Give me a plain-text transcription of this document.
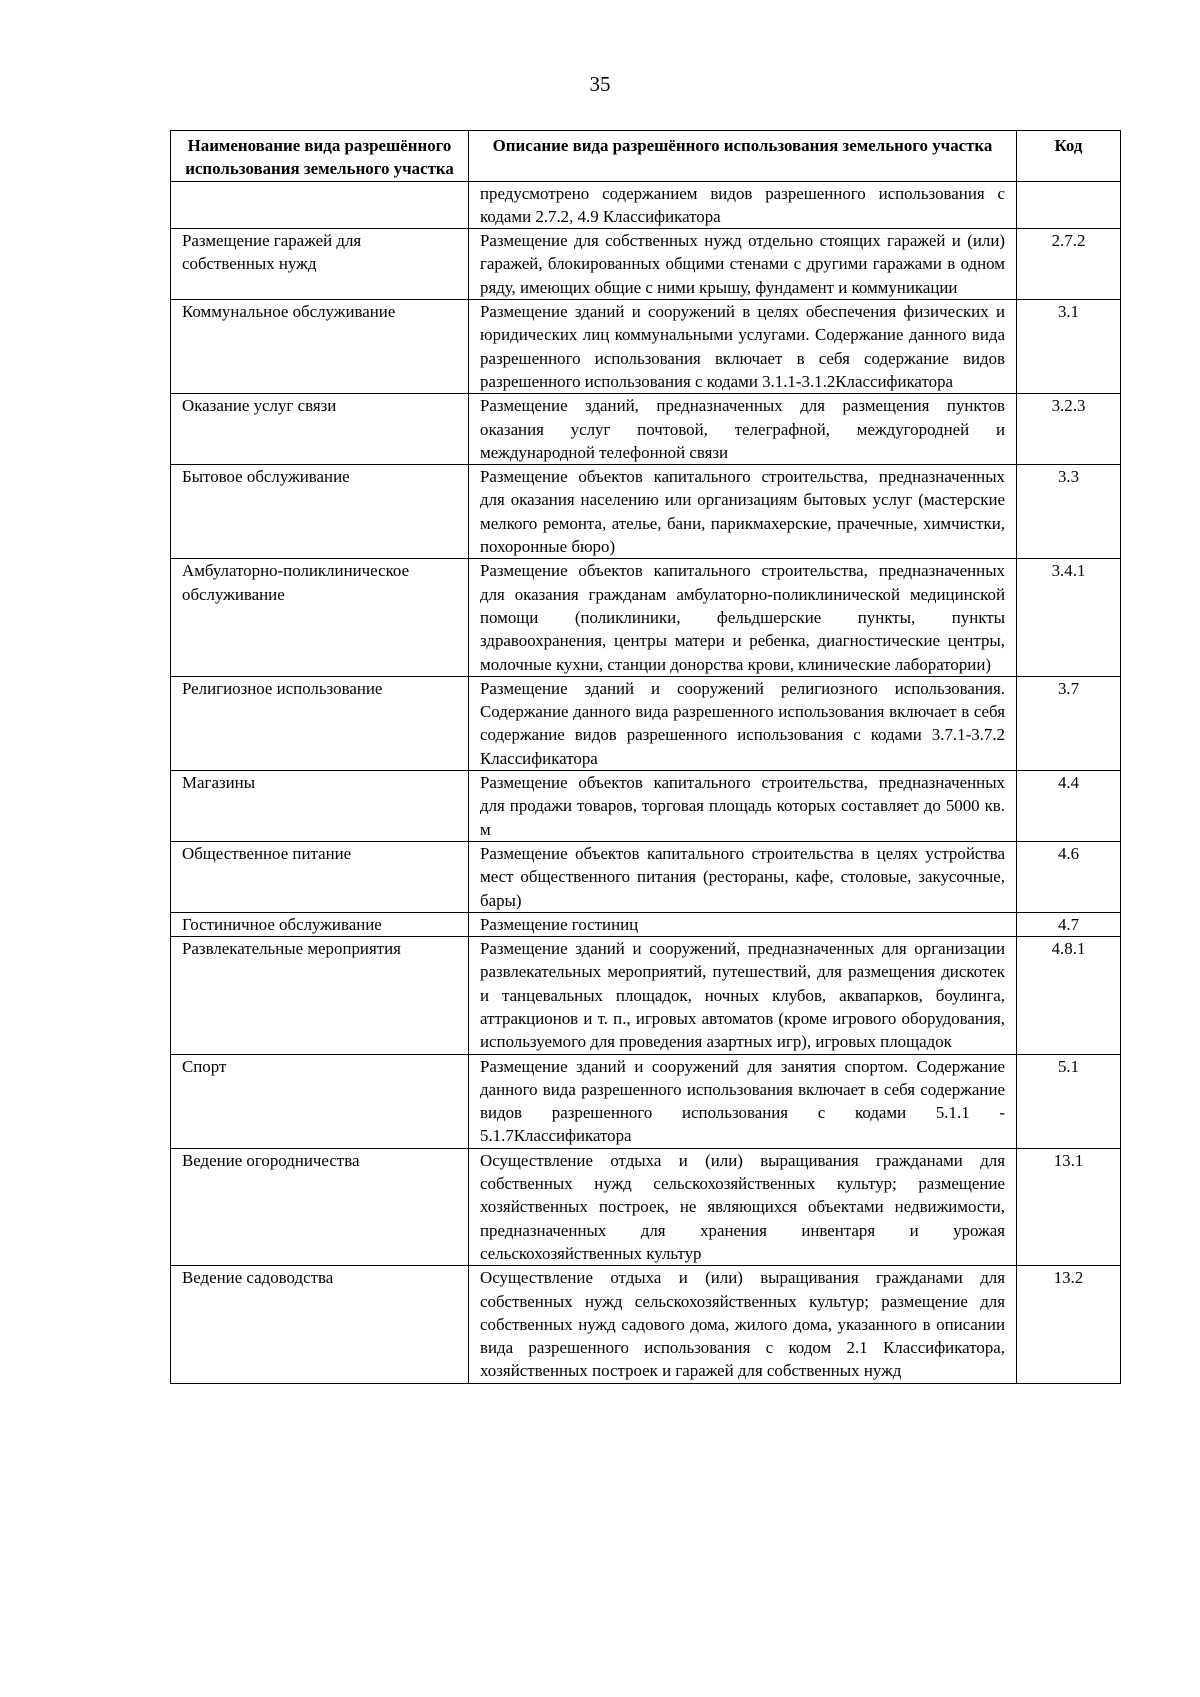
35
Наименование вида разрешённого использования земельного участка	Описание вида разрешённого использования земельного участка	Код
	предусмотрено содержанием видов разрешенного использования с кодами 2.7.2, 4.9 Классификатора	
Размещение гаражей для собственных нужд	Размещение для собственных нужд отдельно стоящих гаражей и (или) гаражей, блокированных общими стенами с другими гаражами в одном ряду, имеющих общие с ними крышу, фундамент и коммуникации	2.7.2
Коммунальное обслуживание	Размещение зданий и сооружений в целях обеспечения физических и юридических лиц коммунальными услугами. Содержание данного вида разрешенного использования включает в себя содержание видов разрешенного использования с кодами 3.1.1-3.1.2Классификатора	3.1
Оказание услуг связи	Размещение зданий, предназначенных для размещения пунктов оказания услуг почтовой, телеграфной, междугородней и международной телефонной связи	3.2.3
Бытовое обслуживание	Размещение объектов капитального строительства, предназначенных для оказания населению или организациям бытовых услуг (мастерские мелкого ремонта, ателье, бани, парикмахерские, прачечные, химчистки, похоронные бюро)	3.3
Амбулаторно-поликлиническое обслуживание	Размещение объектов капитального строительства, предназначенных для оказания гражданам амбулаторно-поликлинической медицинской помощи (поликлиники, фельдшерские пункты, пункты здравоохранения, центры матери и ребенка, диагностические центры, молочные кухни, станции донорства крови, клинические лаборатории)	3.4.1
Религиозное использование	Размещение зданий и сооружений религиозного использования. Содержание данного вида разрешенного использования включает в себя содержание видов разрешенного использования с кодами 3.7.1-3.7.2 Классификатора	3.7
Магазины	Размещение объектов капитального строительства, предназначенных для продажи товаров, торговая площадь которых составляет до 5000 кв. м	4.4
Общественное питание	Размещение объектов капитального строительства в целях устройства мест общественного питания (рестораны, кафе, столовые, закусочные, бары)	4.6
Гостиничное обслуживание	Размещение гостиниц	4.7
Развлекательные мероприятия	Размещение зданий и сооружений, предназначенных для организации развлекательных мероприятий, путешествий, для размещения дискотек и танцевальных площадок, ночных клубов, аквапарков, боулинга, аттракционов и т. п., игровых автоматов (кроме игрового оборудования, используемого для проведения азартных игр), игровых площадок	4.8.1
Спорт	Размещение зданий и сооружений для занятия спортом. Содержание данного вида разрешенного использования включает в себя содержание видов разрешенного использования с кодами 5.1.1 - 5.1.7Классификатора	5.1
Ведение огородничества	Осуществление отдыха и (или) выращивания гражданами для собственных нужд сельскохозяйственных культур; размещение хозяйственных построек, не являющихся объектами недвижимости, предназначенных для хранения инвентаря и урожая сельскохозяйственных культур	13.1
Ведение садоводства	Осуществление отдыха и (или) выращивания гражданами для собственных нужд сельскохозяйственных культур; размещение для собственных нужд садового дома, жилого дома, указанного в описании вида разрешенного использования с кодом 2.1 Классификатора, хозяйственных построек и гаражей для собственных нужд	13.2
